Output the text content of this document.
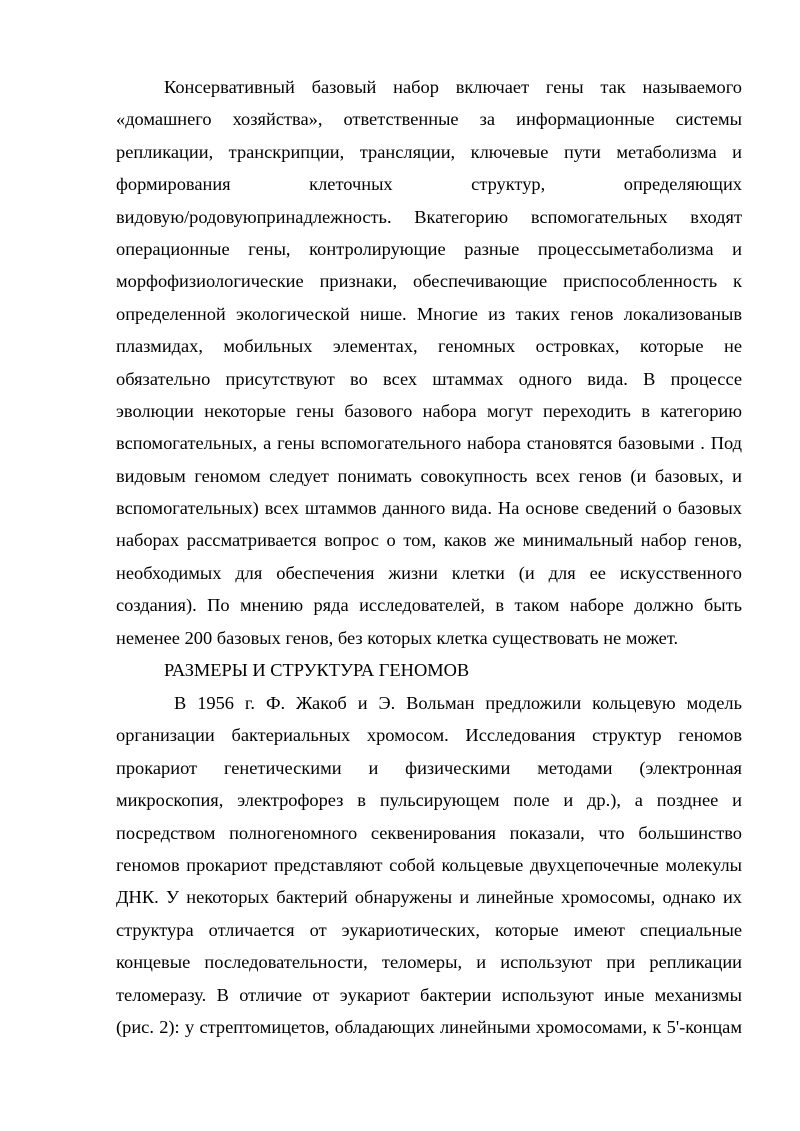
Консервативный базовый набор включает гены так называемого
«домашнего хозяйства», ответственные за информационные системы
репликации, транскрипции, трансляции, ключевые пути метаболизма и
формирования клеточных структур, определяющих
видовую/родовуюпринадлежность. Вкатегорию вспомогательных входят
операционные гены, контролирующие разные процессыметаболизма и
морфофизиологические признаки, обеспечивающие приспособленность к
определенной экологической нише. Многие из таких генов локализованыв
плазмидах, мобильных элементах, геномных островках, которые не
обязательно присутствуют во всех штаммах одного вида. В процессе
эволюции некоторые гены базового набора могут переходить в категорию
вспомогательных, а гены вспомогательного набора становятся базовыми . Под
видовым геномом следует понимать совокупность всех генов (и базовых, и
вспомогательных) всех штаммов данного вида. На основе сведений о базовых
наборах рассматривается вопрос о том, каков же минимальный набор генов,
необходимых для обеспечения жизни клетки (и для ее искусственного
создания). По мнению ряда исследователей, в таком наборе должно быть
неменее 200 базовых генов, без которых клетка существовать не может.
РАЗМЕРЫ И СТРУКТУРА ГЕНОМОВ
В 1956 г. Ф. Жакоб и Э. Вольман предложили кольцевую модель
организации бактериальных хромосом. Исследования структур геномов
прокариот генетическими и физическими методами (электронная
микроскопия, электрофорез в пульсирующем поле и др.), а позднее и
посредством полногеномного секвенирования показали, что большинство
геномов прокариот представляют собой кольцевые двухцепочечные молекулы
ДНК. У некоторых бактерий обнаружены и линейные хромосомы, однако их
структура отличается от эукариотических, которые имеют специальные
концевые последовательности, теломеры, и используют при репликации
теломеразу. В отличие от эукариот бактерии используют иные механизмы
(рис. 2): у стрептомицетов, обладающих линейными хромосомами, к 5'-концам
